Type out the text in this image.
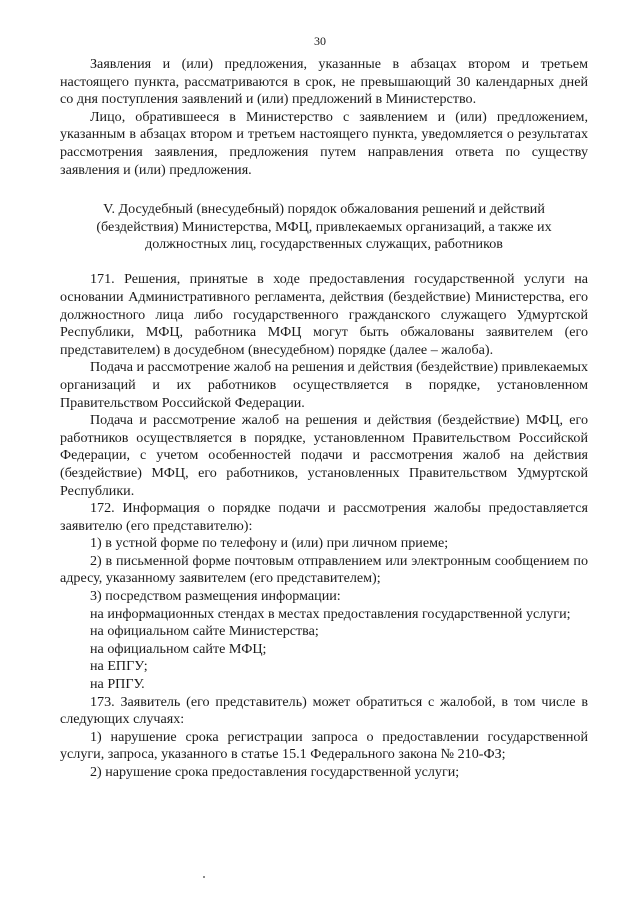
30

Заявления и (или) предложения, указанные в абзацах втором и третьем настоящего пункта, рассматриваются в срок, не превышающий 30 календарных дней со дня поступления заявлений и (или) предложений в Министерство.

Лицо, обратившееся в Министерство с заявлением и (или) предложением, указанным в абзацах втором и третьем настоящего пункта, уведомляется о результатах рассмотрения заявления, предложения путем направления ответа по существу заявления и (или) предложения.

V. Досудебный (внесудебный) порядок обжалования решений и действий (бездействия) Министерства, МФЦ, привлекаемых организаций, а также их должностных лиц, государственных служащих, работников

171. Решения, принятые в ходе предоставления государственной услуги на основании Административного регламента, действия (бездействие) Министерства, его должностного лица либо государственного гражданского служащего Удмуртской Республики, МФЦ, работника МФЦ могут быть обжалованы заявителем (его представителем) в досудебном (внесудебном) порядке (далее – жалоба).

Подача и рассмотрение жалоб на решения и действия (бездействие) привлекаемых организаций и их работников осуществляется в порядке, установленном Правительством Российской Федерации.

Подача и рассмотрение жалоб на решения и действия (бездействие) МФЦ, его работников осуществляется в порядке, установленном Правительством Российской Федерации, с учетом особенностей подачи и рассмотрения жалоб на действия (бездействие) МФЦ, его работников, установленных Правительством Удмуртской Республики.

172. Информация о порядке подачи и рассмотрения жалобы предоставляется заявителю (его представителю):

1) в устной форме по телефону и (или) при личном приеме;

2) в письменной форме почтовым отправлением или электронным сообщением по адресу, указанному заявителем (его представителем);

3) посредством размещения информации:

на информационных стендах в местах предоставления государственной услуги;

на официальном сайте Министерства;

на официальном сайте МФЦ;

на ЕПГУ;

на РПГУ.

173. Заявитель (его представитель) может обратиться с жалобой, в том числе в следующих случаях:

1) нарушение срока регистрации запроса о предоставлении государственной услуги, запроса, указанного в статье 15.1 Федерального закона № 210-ФЗ;

2) нарушение срока предоставления государственной услуги;
